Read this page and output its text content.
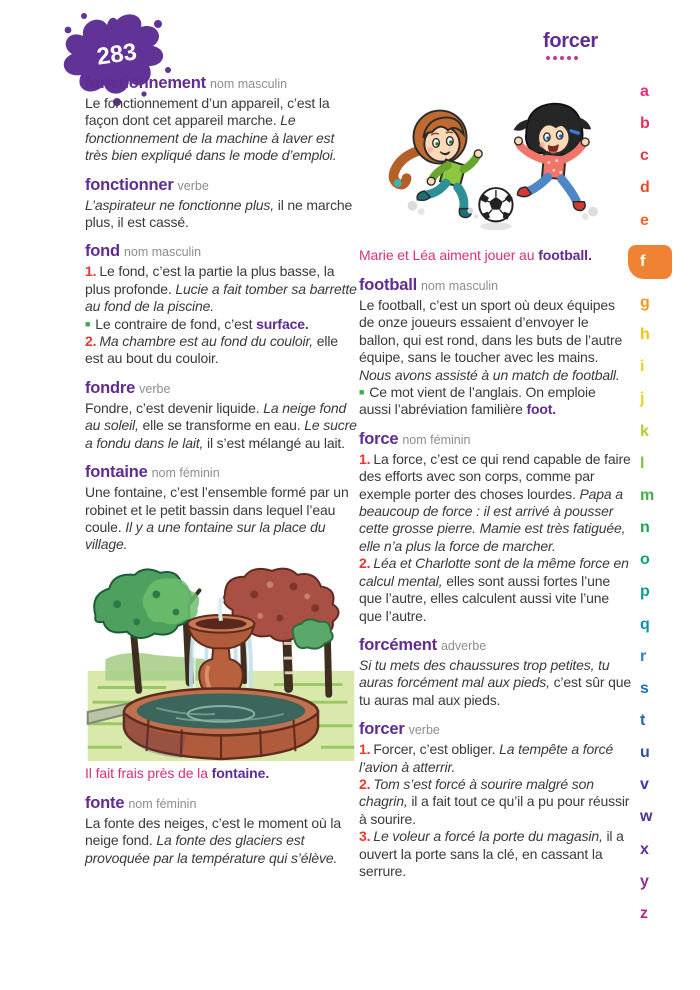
283	forcer
a
b
c
d
e
f
g
h
i
j
k
l
m
n
o
p
q
r
s
t
u
v
w
x
y
z
fonctionnement nom masculin
Le fonctionnement d’un appareil, c’est la façon dont cet appareil marche. Le fonctionnement de la machine à laver est très bien expliqué dans le mode d’emploi.
fonctionner verbe
L’aspirateur ne fonctionne plus, il ne marche plus, il est cassé.
fond nom masculin
1. Le fond, c’est la partie la plus basse, la plus profonde. Lucie a fait tomber sa barrette au fond de la piscine.
■ Le contraire de fond, c’est surface.
2. Ma chambre est au fond du couloir, elle est au bout du couloir.
fondre verbe
Fondre, c’est devenir liquide. La neige fond au soleil, elle se transforme en eau. Le sucre a fondu dans le lait, il s’est mélangé au lait.
fontaine nom féminin
Une fontaine, c’est l’ensemble formé par un robinet et le petit bassin dans lequel l’eau coule. Il y a une fontaine sur la place du village.
Il fait frais près de la fontaine.
fonte nom féminin
La fonte des neiges, c’est le moment où la neige fond. La fonte des glaciers est provoquée par la température qui s’élève.
Marie et Léa aiment jouer au football.
football nom masculin
Le football, c’est un sport où deux équipes de onze joueurs essaient d’envoyer le ballon, qui est rond, dans les buts de l’autre équipe, sans le toucher avec les mains. Nous avons assisté à un match de football.
■ Ce mot vient de l’anglais. On emploie aussi l’abréviation familière foot.
force nom féminin
1. La force, c’est ce qui rend capable de faire des efforts avec son corps, comme par exemple porter des choses lourdes. Papa a beaucoup de force : il est arrivé à pousser cette grosse pierre. Mamie est très fatiguée, elle n’a plus la force de marcher.
2. Léa et Charlotte sont de la même force en calcul mental, elles sont aussi fortes l’une que l’autre, elles calculent aussi vite l’une que l’autre.
forcément adverbe
Si tu mets des chaussures trop petites, tu auras forcément mal aux pieds, c’est sûr que tu auras mal aux pieds.
forcer verbe
1. Forcer, c’est obliger. La tempête a forcé l’avion à atterrir.
2. Tom s’est forcé à sourire malgré son chagrin, il a fait tout ce qu’il a pu pour réussir à sourire.
3. Le voleur a forcé la porte du magasin, il a ouvert la porte sans la clé, en cassant la serrure.
